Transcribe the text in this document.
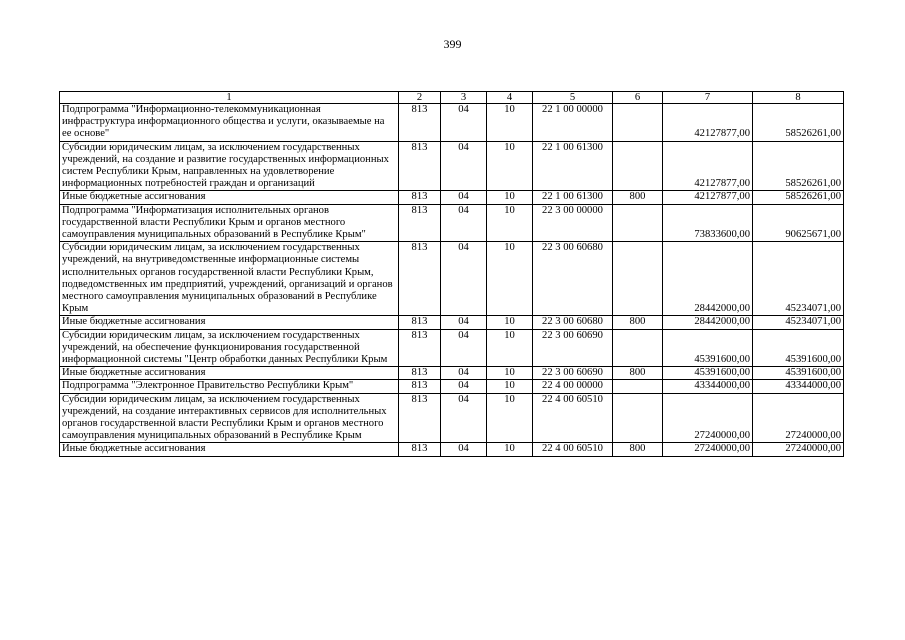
399
1	2	3	4	5	6	7	8
Подпрограмма "Информационно-телекоммуникационная инфраструктура информационного общества и услуги, оказываемые на ее основе"	813	04	10	22 1 00 00000		42127877,00	58526261,00
Субсидии юридическим лицам, за исключением государственных учреждений, на создание и развитие государственных информационных систем Республики Крым, направленных на удовлетворение информационных потребностей граждан и организаций	813	04	10	22 1 00 61300		42127877,00	58526261,00
Иные бюджетные ассигнования	813	04	10	22 1 00 61300	800	42127877,00	58526261,00
Подпрограмма "Информатизация исполнительных органов государственной власти Республики Крым и органов местного самоуправления муниципальных образований в Республике Крым"	813	04	10	22 3 00 00000		73833600,00	90625671,00
Субсидии юридическим лицам, за исключением государственных учреждений, на внутриведомственные информационные системы исполнительных органов государственной власти Республики Крым, подведомственных им предприятий, учреждений, организаций и органов местного самоуправления муниципальных образований в Республике Крым	813	04	10	22 3 00 60680		28442000,00	45234071,00
Иные бюджетные ассигнования	813	04	10	22 3 00 60680	800	28442000,00	45234071,00
Субсидии юридическим лицам, за исключением государственных учреждений, на обеспечение функционирования государственной информационной системы "Центр обработки данных Республики Крым	813	04	10	22 3 00 60690		45391600,00	45391600,00
Иные бюджетные ассигнования	813	04	10	22 3 00 60690	800	45391600,00	45391600,00
Подпрограмма "Электронное Правительство Республики Крым"	813	04	10	22 4 00 00000		43344000,00	43344000,00
Субсидии юридическим лицам, за исключением государственных учреждений, на создание интерактивных сервисов для исполнительных органов государственной власти Республики Крым и органов местного самоуправления муниципальных образований в Республике Крым	813	04	10	22 4 00 60510		27240000,00	27240000,00
Иные бюджетные ассигнования	813	04	10	22 4 00 60510	800	27240000,00	27240000,00
